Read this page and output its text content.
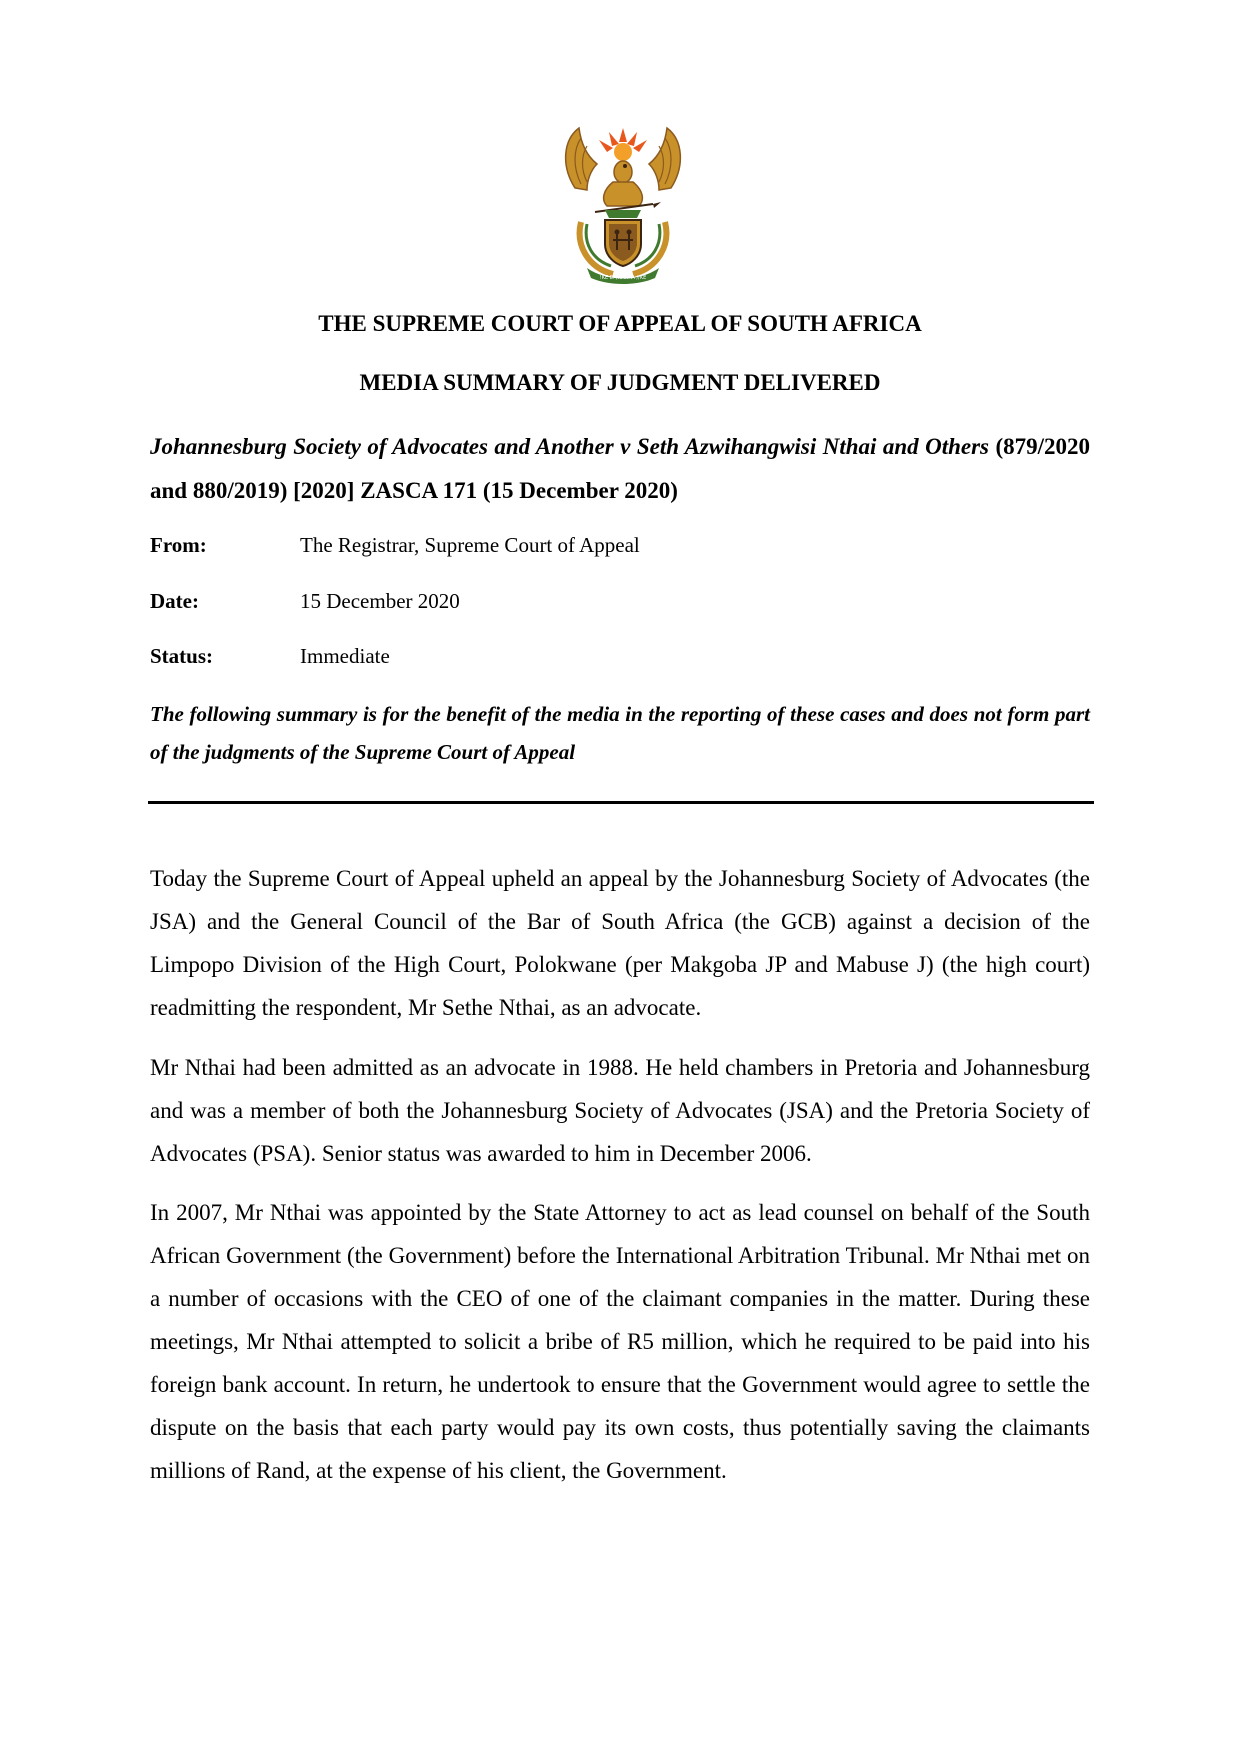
!KE E: /XARRA //KE
THE SUPREME COURT OF APPEAL OF SOUTH AFRICA
MEDIA SUMMARY OF JUDGMENT DELIVERED

Johannesburg Society of Advocates and Another v Seth Azwihangwisi Nthai and Others (879/2020 and 880/2019) [2020] ZASCA 171 (15 December 2020)

From:	The Registrar, Supreme Court of Appeal
Date:	15 December 2020
Status:	Immediate

The following summary is for the benefit of the media in the reporting of these cases and does not form part of the judgments of the Supreme Court of Appeal

Today the Supreme Court of Appeal upheld an appeal by the Johannesburg Society of Advocates (the JSA) and the General Council of the Bar of South Africa (the GCB) against a decision of the Limpopo Division of the High Court, Polokwane (per Makgoba JP and Mabuse J) (the high court) readmitting the respondent, Mr Sethe Nthai, as an advocate.

Mr Nthai had been admitted as an advocate in 1988. He held chambers in Pretoria and Johannesburg and was a member of both the Johannesburg Society of Advocates (JSA) and the Pretoria Society of Advocates (PSA). Senior status was awarded to him in December 2006.

In 2007, Mr Nthai was appointed by the State Attorney to act as lead counsel on behalf of the South African Government (the Government) before the International Arbitration Tribunal. Mr Nthai met on a number of occasions with the CEO of one of the claimant companies in the matter. During these meetings, Mr Nthai attempted to solicit a bribe of R5 million, which he required to be paid into his foreign bank account. In return, he undertook to ensure that the Government would agree to settle the dispute on the basis that each party would pay its own costs, thus potentially saving the claimants millions of Rand, at the expense of his client, the Government.
